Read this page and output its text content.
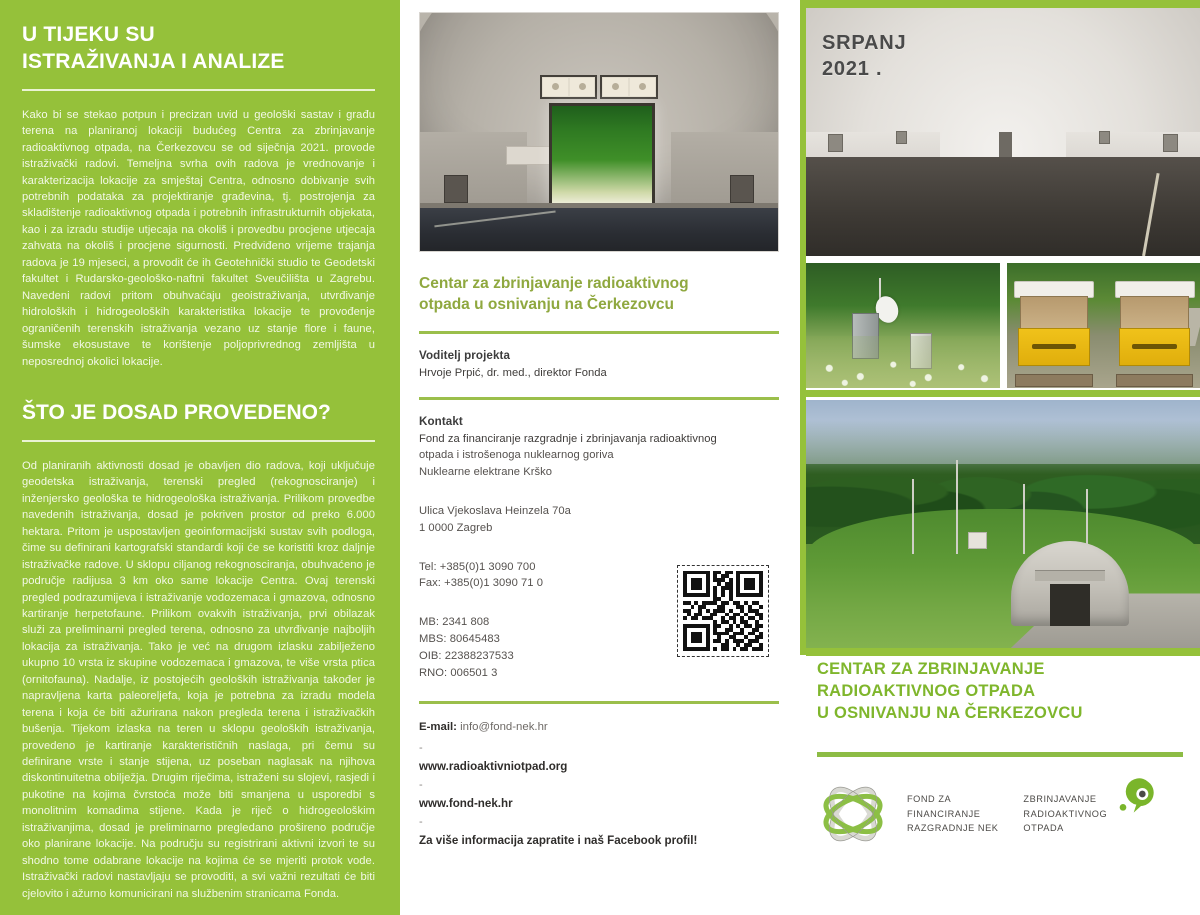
U TIJEKU SU
ISTRAŽIVANJA I ANALIZE

Kako bi se stekao potpun i precizan uvid u geološki sastav i građu terena na planiranoj lokaciji budućeg Centra za zbrinjavanje radioaktivnog otpada, na Čerkezovcu se od siječnja 2021. provode istraživački radovi. Temeljna svrha ovih radova je vrednovanje i karakterizacija lokacije za smještaj Centra, odnosno dobivanje svih potrebnih podataka za projektiranje građevina, tj. postrojenja za skladištenje radioaktivnog otpada i potrebnih infrastrukturnih objekata, kao i za izradu studije utjecaja na okoliš i provedbu procjene utjecaja zahvata na okoliš i procjene sigurnosti. Predviđeno vrijeme trajanja radova je 19 mjeseci, a provodit će ih Geotehnički studio te Geodetski fakultet i Rudarsko-geološko-naftni fakultet Sveučilišta u Zagrebu. Navedeni radovi pritom obuhvaćaju geoistraživanja, utvrđivanje hidroloških i hidrogeoloških karakteristika lokacije te provođenje ograničenih terenskih istraživanja vezano uz stanje flore i faune, šumske ekosustave te korištenje poljoprivrednog zemljišta u neposrednoj okolici lokacije.

ŠTO JE DOSAD PROVEDENO?

Od planiranih aktivnosti dosad je obavljen dio radova, koji uključuje geodetska istraživanja, terenski pregled (rekognosciranje) i inženjersko geološka te hidrogeološka istraživanja. Prilikom provedbe navedenih istraživanja, dosad je pokriven prostor od preko 6.000 hektara. Pritom je uspostavljen geoinformacijski sustav svih podloga, čime su definirani kartografski standardi koji će se koristiti kroz daljnje istraživačke radove. U sklopu ciljanog rekognosciranja, obuhvaćeno je područje radijusa 3 km oko same lokacije Centra. Ovaj terenski pregled podrazumijeva i istraživanje vodozemaca i gmazova, odnosno kartiranje herpetofaune. Prilikom ovakvih istraživanja, prvi obilazak služi za preliminarni pregled terena, odnosno za utvrđivanje najboljih lokacija za istraživanja. Tako je već na drugom izlasku zabilježeno ukupno 10 vrsta iz skupine vodozemaca i gmazova, te više vrsta ptica (ornitofauna). Nadalje, iz postojećih geoloških istraživanja također je napravljena karta paleoreljefa, koja je potrebna za izradu modela terena i koja će biti ažurirana nakon pregleda terena i istraživačkih bušenja. Tijekom izlaska na teren u sklopu geoloških istraživanja, provedeno je kartiranje karakterističnih naslaga, pri čemu su definirane vrste i stanje stijena, uz poseban naglasak na njihova diskontinuitetna obilježja. Drugim riječima, istraženi su slojevi, rasjedi i pukotine na kojima čvrstoća može biti smanjena u usporedbi s monolitnim komadima stijene. Kada je riječ o hidrogeološkim istraživanjima, dosad je preliminarno pregledano prošireno područje oko planirane lokacije. Na području su registrirani aktivni izvori te su shodno tome odabrane lokacije na kojima će se mjeriti protok vode. Istraživački radovi nastavljaju se provoditi, a svi važni rezultati će biti cjelovito i ažurno komunicirani na službenim stranicama Fonda.

Centar za zbrinjavanje radioaktivnog
otpada u osnivanju na Čerkezovcu
Voditelj projekta
Hrvoje Prpić, dr. med., direktor Fonda
Kontakt
Fond za financiranje razgradnje i zbrinjavanja radioaktivnog
otpada i istrošenoga nuklearnog goriva
Nuklearne elektrane Krško
Ulica Vjekoslava Heinzela 70a
1 0000 Zagreb
Tel: +385(0)1 3090 700
Fax: +385(0)1 3090 71 0
MB: 2341 808
MBS: 80645483
OIB: 22388237533
RNO: 006501 3

E-mail: info@fond-nek.hr

-

www.radioaktivniotpad.org

-

www.fond-nek.hr

-

Za više informacija zapratite i naš Facebook profil!

SRPANJ
2021 .
CENTAR ZA ZBRINJAVANJE
RADIOAKTIVNOG OTPADA
U OSNIVANJU NA ČERKEZOVCU
FOND ZA
FINANCIRANJE
RAZGRADNJE NEK
ZBRINJAVANJE
RADIOAKTIVNOG
OTPADA
